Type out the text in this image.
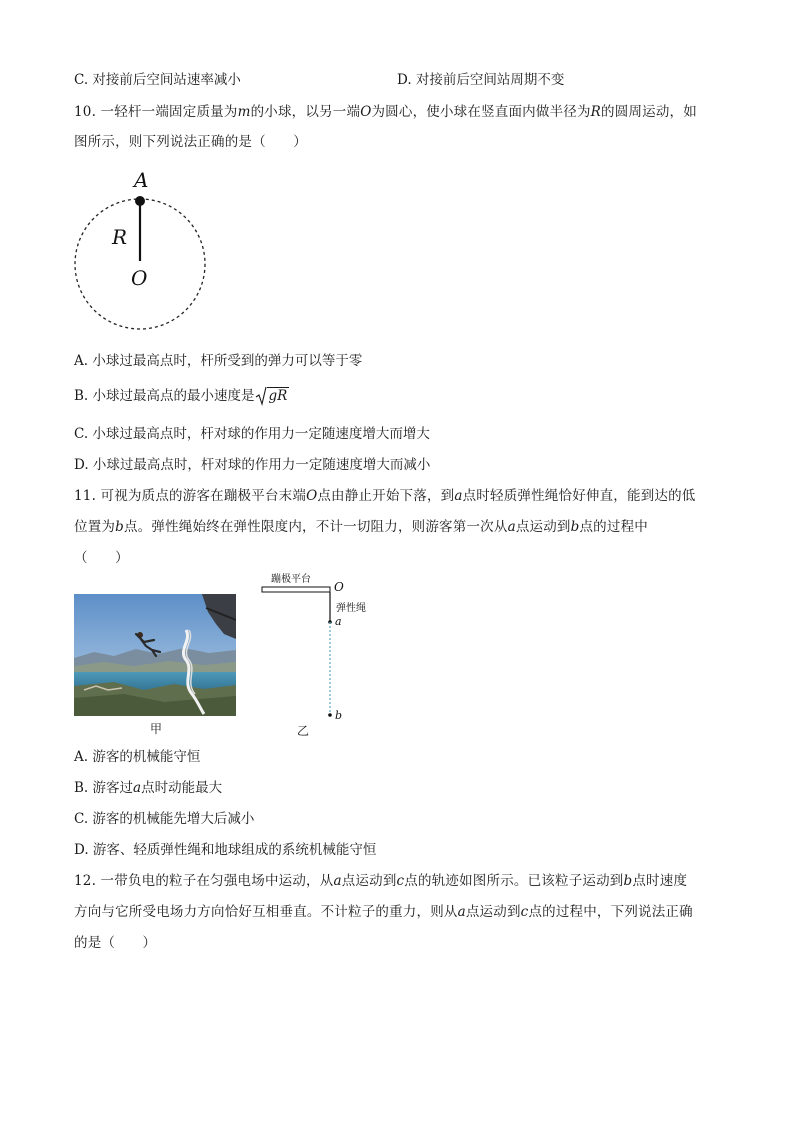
C. 对接前后空间站速率减小	D. 对接前后空间站周期不变
10. 一轻杆一端固定质量为m的小球，以另一端O为圆心，使小球在竖直面内做半径为R的圆周运动，如
图所示，则下列说法正确的是（　　）
A
R
O
A. 小球过最高点时，杆所受到的弹力可以等于零
B. 小球过最高点的最小速度是 gR
C. 小球过最高点时，杆对球的作用力一定随速度增大而增大
D. 小球过最高点时，杆对球的作用力一定随速度增大而减小
11. 可视为质点的游客在蹦极平台末端O点由静止开始下落，到a点时轻质弹性绳恰好伸直，能到达的低
位置为b点。弹性绳始终在弹性限度内，不计一切阻力，则游客第一次从a点运动到b点的过程中
（　　）
甲
蹦极平台
O
弹性绳
a
b
乙
A. 游客的机械能守恒
B. 游客过a点时动能最大
C. 游客的机械能先增大后减小
D. 游客、轻质弹性绳和地球组成的系统机械能守恒
12. 一带负电的粒子在匀强电场中运动，从a点运动到c点的轨迹如图所示。已该粒子运动到b点时速度
方向与它所受电场力方向恰好互相垂直。不计粒子的重力，则从a点运动到c点的过程中，下列说法正确
的是（　　）
